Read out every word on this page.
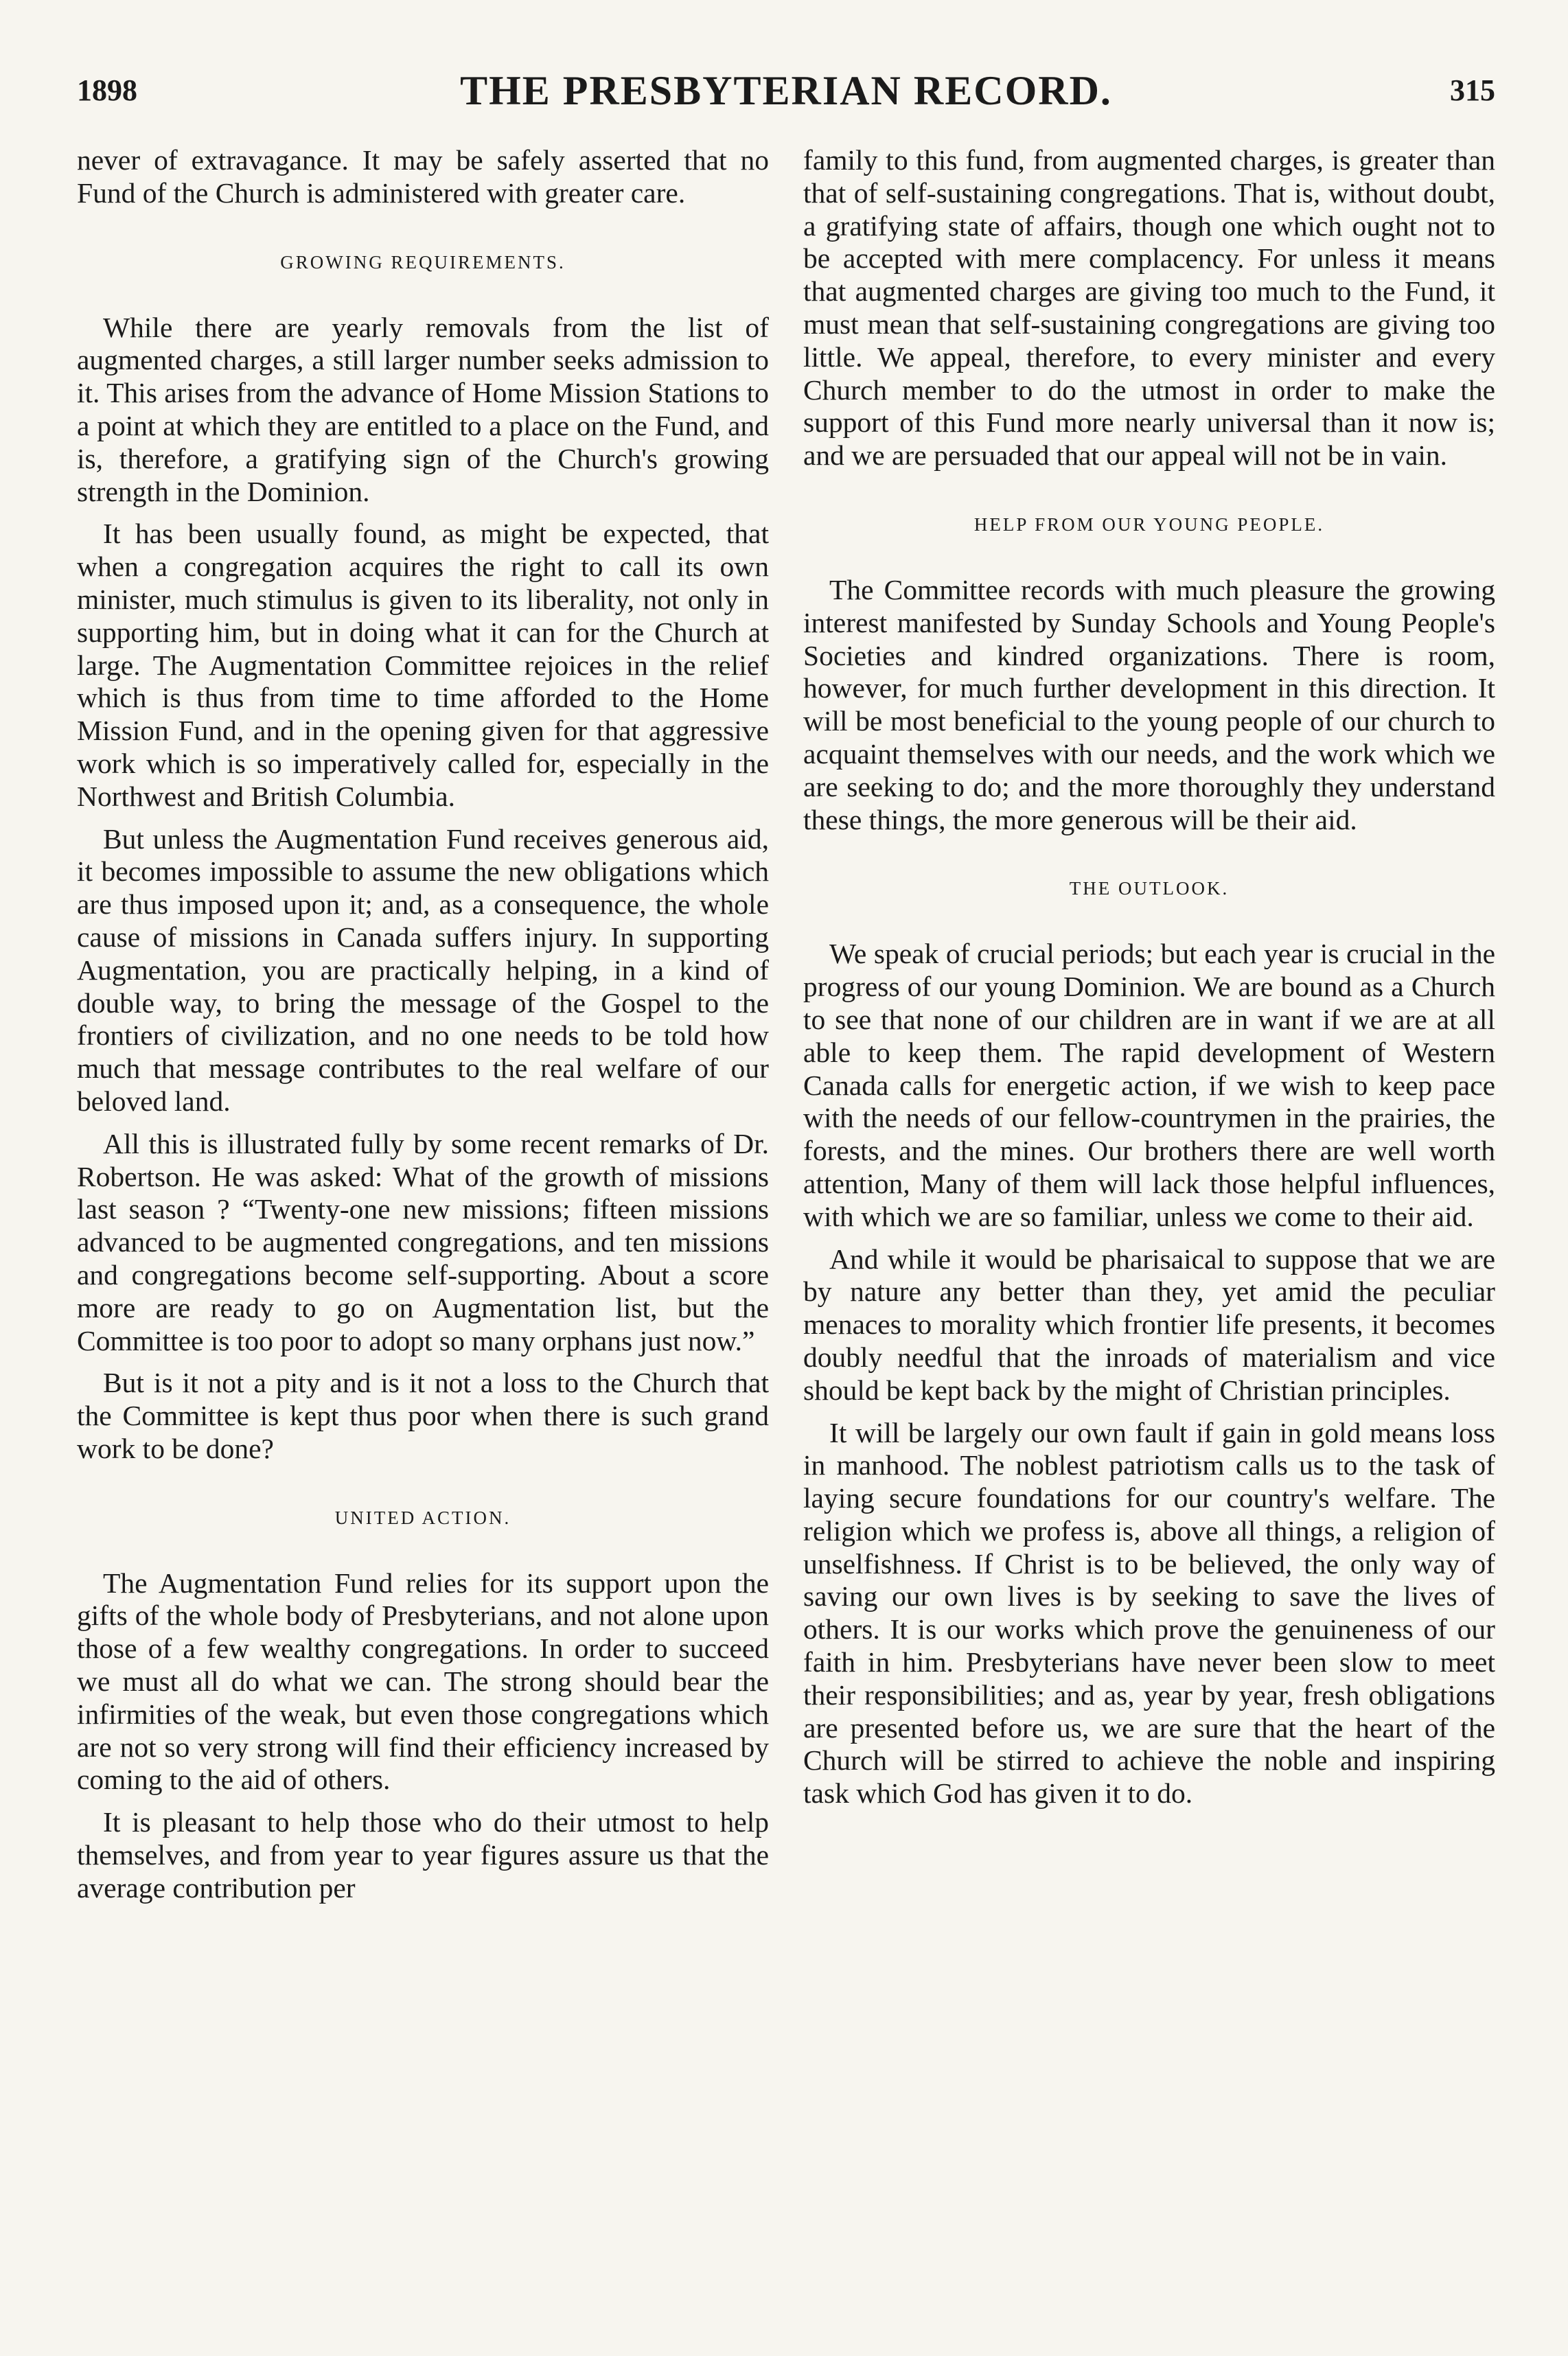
THE PRESBYTERIAN RECORD.
1898	315

never of extravagance. It may be safely asserted that no Fund of the Church is administered with greater care.

GROWING REQUIREMENTS.

While there are yearly removals from the list of augmented charges, a still larger number seeks admission to it. This arises from the advance of Home Mission Stations to a point at which they are entitled to a place on the Fund, and is, therefore, a gratifying sign of the Church's growing strength in the Dominion.

It has been usually found, as might be expected, that when a congregation acquires the right to call its own minister, much stimulus is given to its liberality, not only in supporting him, but in doing what it can for the Church at large. The Augmentation Committee rejoices in the relief which is thus from time to time afforded to the Home Mission Fund, and in the opening given for that aggressive work which is so imperatively called for, especially in the Northwest and British Columbia.

But unless the Augmentation Fund receives generous aid, it becomes impossible to assume the new obligations which are thus imposed upon it; and, as a consequence, the whole cause of missions in Canada suffers injury. In supporting Augmentation, you are practically helping, in a kind of double way, to bring the message of the Gospel to the frontiers of civilization, and no one needs to be told how much that message contributes to the real welfare of our beloved land.

All this is illustrated fully by some recent remarks of Dr. Robertson. He was asked: What of the growth of missions last season ? “Twenty-one new missions; fifteen missions advanced to be augmented congregations, and ten missions and congregations become self-supporting. About a score more are ready to go on Augmentation list, but the Committee is too poor to adopt so many orphans just now.”

But is it not a pity and is it not a loss to the Church that the Committee is kept thus poor when there is such grand work to be done?

UNITED ACTION.

The Augmentation Fund relies for its support upon the gifts of the whole body of Presbyterians, and not alone upon those of a few wealthy congregations. In order to succeed we must all do what we can. The strong should bear the infirmities of the weak, but even those congregations which are not so very strong will find their efficiency increased by coming to the aid of others.

It is pleasant to help those who do their utmost to help themselves, and from year to year figures assure us that the average contribution per

family to this fund, from augmented charges, is greater than that of self-sustaining congregations. That is, without doubt, a gratifying state of affairs, though one which ought not to be accepted with mere complacency. For unless it means that augmented charges are giving too much to the Fund, it must mean that self-sustaining congregations are giving too little. We appeal, therefore, to every minister and every Church member to do the utmost in order to make the support of this Fund more nearly universal than it now is; and we are persuaded that our appeal will not be in vain.

HELP FROM OUR YOUNG PEOPLE.

The Committee records with much pleasure the growing interest manifested by Sunday Schools and Young People's Societies and kindred organizations. There is room, however, for much further development in this direction. It will be most beneficial to the young people of our church to acquaint themselves with our needs, and the work which we are seeking to do; and the more thoroughly they understand these things, the more generous will be their aid.

THE OUTLOOK.

We speak of crucial periods; but each year is crucial in the progress of our young Dominion. We are bound as a Church to see that none of our children are in want if we are at all able to keep them. The rapid development of Western Canada calls for energetic action, if we wish to keep pace with the needs of our fellow-countrymen in the prairies, the forests, and the mines. Our brothers there are well worth attention, Many of them will lack those helpful influences, with which we are so familiar, unless we come to their aid.

And while it would be pharisaical to suppose that we are by nature any better than they, yet amid the peculiar menaces to morality which frontier life presents, it becomes doubly needful that the inroads of materialism and vice should be kept back by the might of Christian principles.

It will be largely our own fault if gain in gold means loss in manhood. The noblest patriotism calls us to the task of laying secure foundations for our country's welfare. The religion which we profess is, above all things, a religion of unselfishness. If Christ is to be believed, the only way of saving our own lives is by seeking to save the lives of others. It is our works which prove the genuineness of our faith in him. Presbyterians have never been slow to meet their responsibilities; and as, year by year, fresh obligations are presented before us, we are sure that the heart of the Church will be stirred to achieve the noble and inspiring task which God has given it to do.
